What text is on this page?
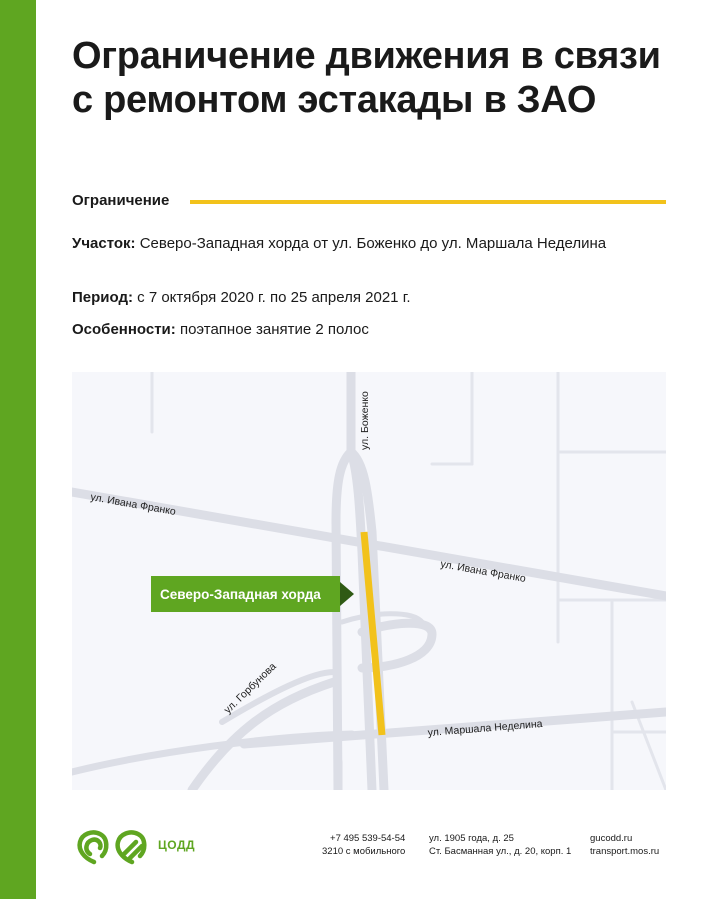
Ограничение движения в связи с ремонтом эстакады в ЗАО
Ограничение

Участок: Северо-Западная хорда от ул. Боженко до ул. Маршала Неделина

Период: с 7 октября 2020 г. по 25 апреля 2021 г.

Особенности: поэтапное занятие 2 полос

ул. Боженко
ул. Ивана Франко
ул. Ивана Франко
ул. Горбунова
ул. Маршала Неделина
Северо-Западная хорда
ЦОДД	+7 495 539-54-54
3210 с мобильного
ул. 1905 года, д. 25
Ст. Басманная ул., д. 20, корп. 1
gucodd.ru
transport.mos.ru
